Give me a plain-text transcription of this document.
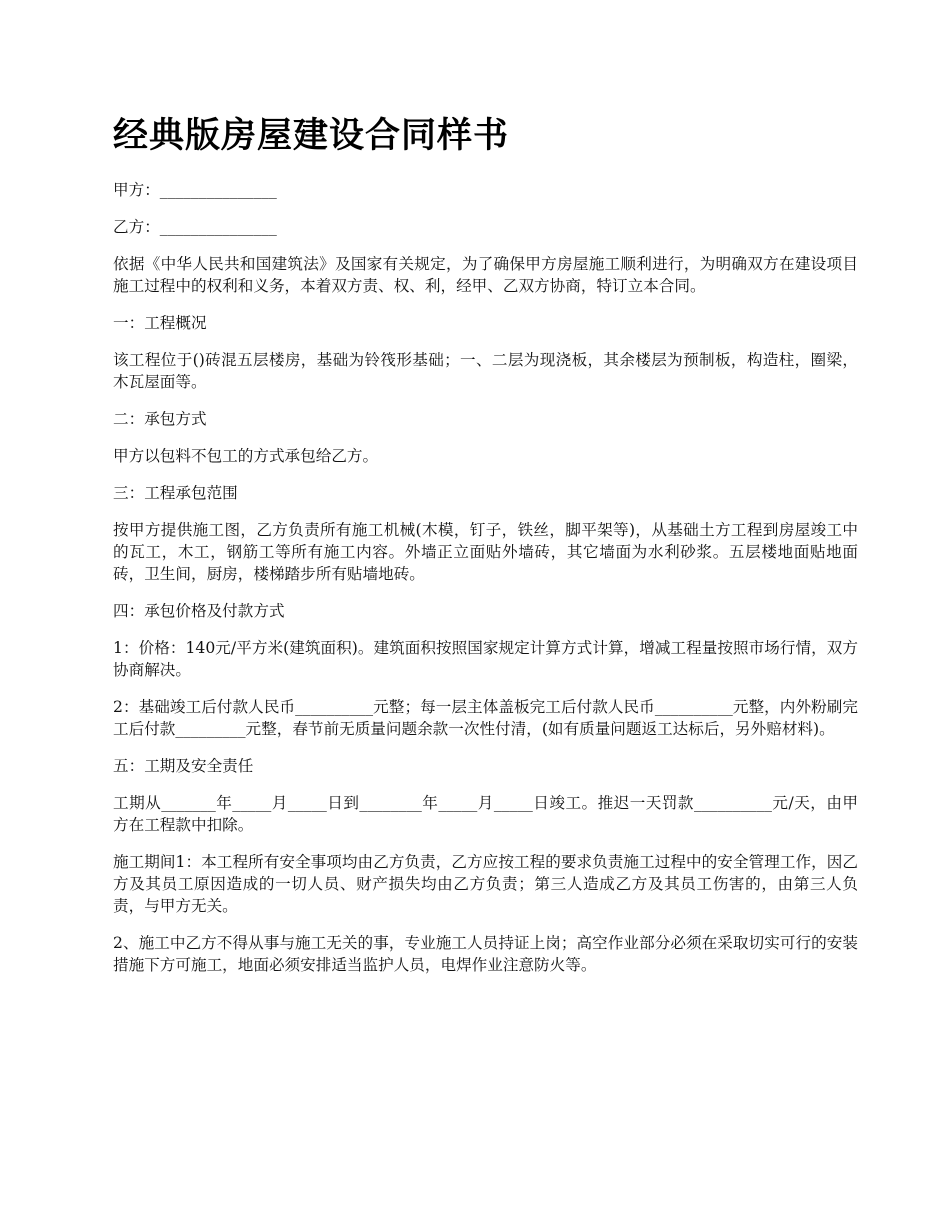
经典版房屋建设合同样书

甲方：_______________

乙方：_______________

依据《中华人民共和国建筑法》及国家有关规定，为了确保甲方房屋施工顺利进行，为明确双方在建设项目施工过程中的权利和义务，本着双方责、权、利，经甲、乙双方协商，特订立本合同。

一：工程概况

该工程位于()砖混五层楼房，基础为铃筏形基础；一、二层为现浇板，其余楼层为预制板，构造柱，圈梁，木瓦屋面等。

二：承包方式

甲方以包料不包工的方式承包给乙方。

三：工程承包范围

按甲方提供施工图，乙方负责所有施工机械(木模，钉子，铁丝，脚平架等)，从基础土方工程到房屋竣工中的瓦工，木工，钢筋工等所有施工内容。外墙正立面贴外墙砖，其它墙面为水利砂浆。五层楼地面贴地面砖，卫生间，厨房，楼梯踏步所有贴墙地砖。

四：承包价格及付款方式

1：价格：140元/平方米(建筑面积)。建筑面积按照国家规定计算方式计算，增减工程量按照市场行情，双方协商解决。

2：基础竣工后付款人民币__________元整；每一层主体盖板完工后付款人民币__________元整，内外粉刷完工后付款_________元整，春节前无质量问题余款一次性付清，(如有质量问题返工达标后，另外赔材料)。

五：工期及安全责任

工期从_______年_____月_____日到________年_____月_____日竣工。推迟一天罚款__________元/天，由甲方在工程款中扣除。

施工期间1：本工程所有安全事项均由乙方负责，乙方应按工程的要求负责施工过程中的安全管理工作，因乙方及其员工原因造成的一切人员、财产损失均由乙方负责；第三人造成乙方及其员工伤害的，由第三人负责，与甲方无关。

2、施工中乙方不得从事与施工无关的事，专业施工人员持证上岗；高空作业部分必须在采取切实可行的安装措施下方可施工，地面必须安排适当监护人员，电焊作业注意防火等。
